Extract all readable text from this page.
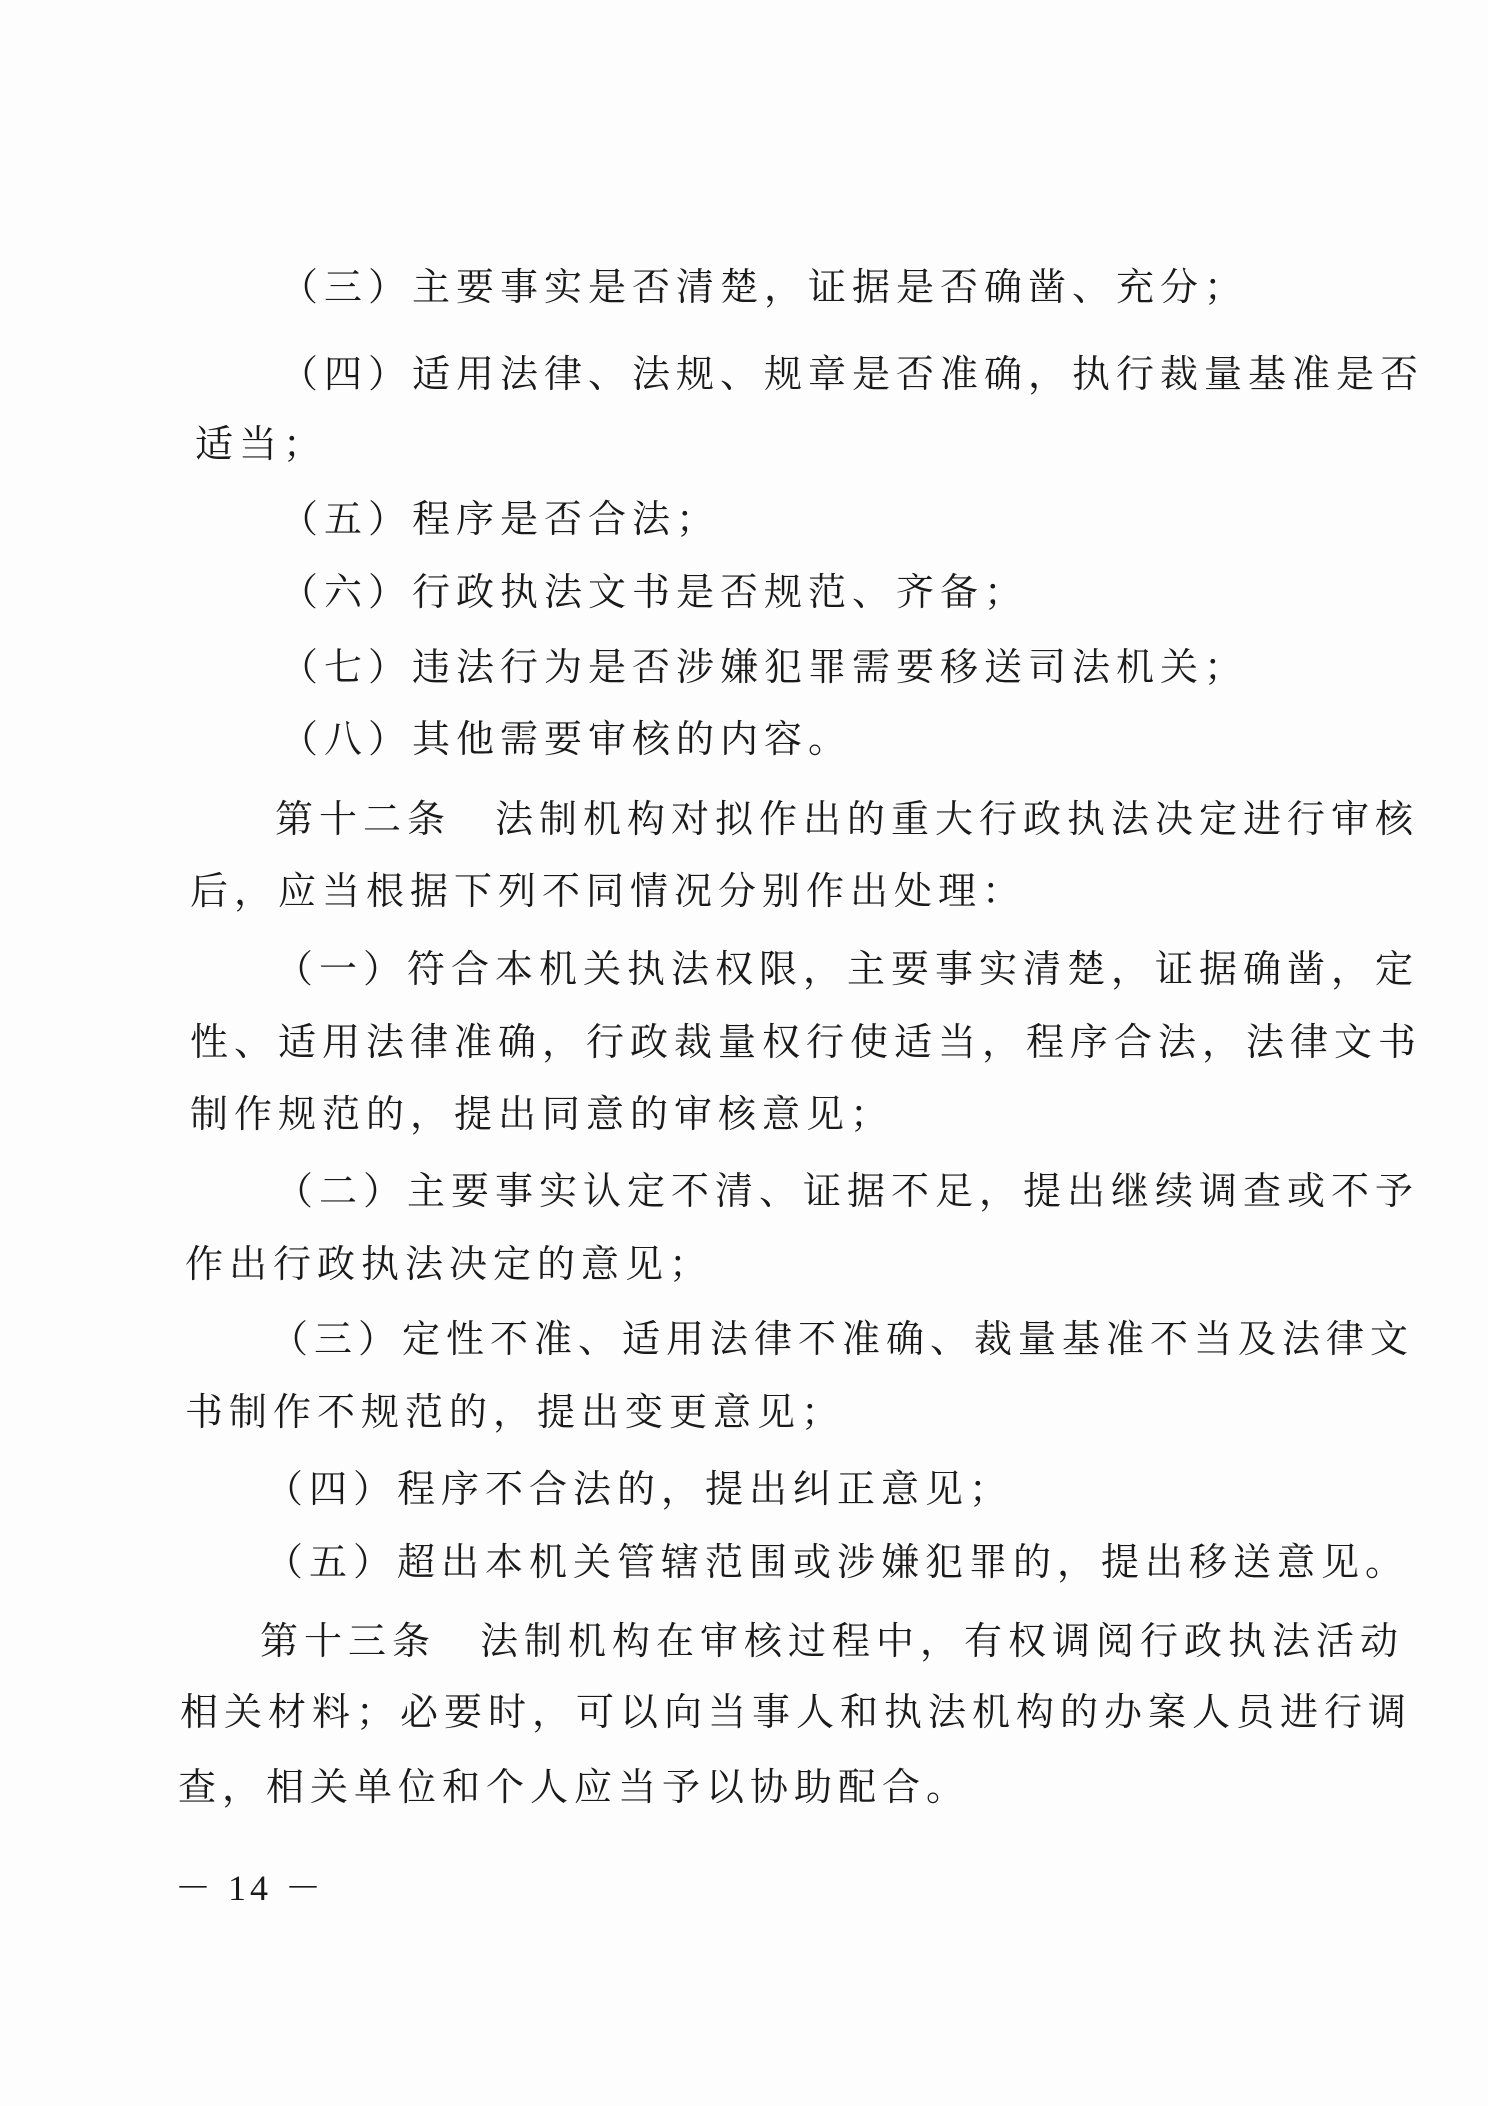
（三）主要事实是否清楚，证据是否确凿、充分；
（四）适用法律、法规、规章是否准确，执行裁量基准是否
适当；
（五）程序是否合法；
（六）行政执法文书是否规范、齐备；
（七）违法行为是否涉嫌犯罪需要移送司法机关；
（八）其他需要审核的内容。
第十二条　法制机构对拟作出的重大行政执法决定进行审核
后，应当根据下列不同情况分别作出处理：
（一）符合本机关执法权限，主要事实清楚，证据确凿，定
性、适用法律准确，行政裁量权行使适当，程序合法，法律文书
制作规范的，提出同意的审核意见；
（二）主要事实认定不清、证据不足，提出继续调查或不予
作出行政执法决定的意见；
（三）定性不准、适用法律不准确、裁量基准不当及法律文
书制作不规范的，提出变更意见；
（四）程序不合法的，提出纠正意见；
（五）超出本机关管辖范围或涉嫌犯罪的，提出移送意见。
第十三条　法制机构在审核过程中，有权调阅行政执法活动
相关材料；必要时，可以向当事人和执法机构的办案人员进行调
查，相关单位和个人应当予以协助配合。
－ 14 －
